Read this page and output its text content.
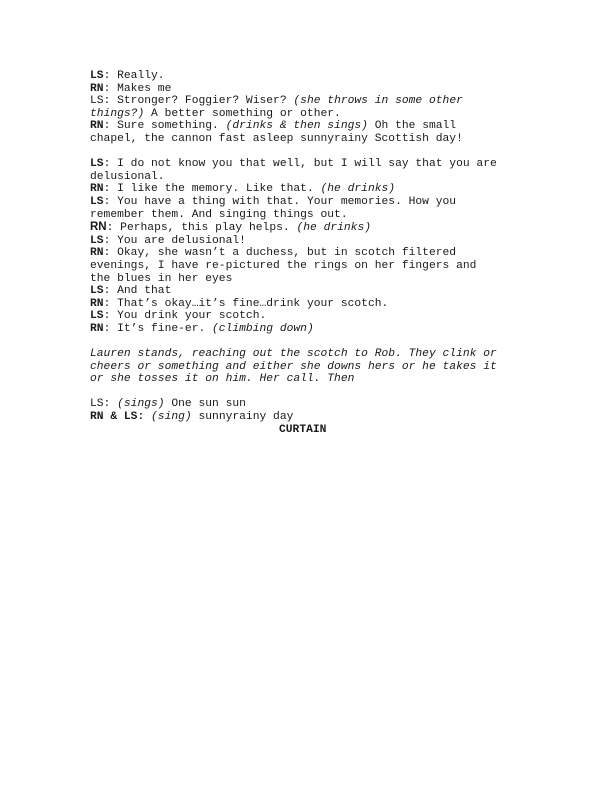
LS: Really.

RN: Makes me

LS: Stronger? Foggier? Wiser? (she throws in some other

things?) A better something or other.

RN: Sure something. (drinks & then sings) Oh the small

chapel, the cannon fast asleep sunnyrainy Scottish day!

LS: I do not know you that well, but I will say that you are

delusional.

RN: I like the memory. Like that. (he drinks)

LS: You have a thing with that. Your memories. How you

remember them. And singing things out.

RN: Perhaps, this play helps. (he drinks)

LS: You are delusional!

RN: Okay, she wasn’t a duchess, but in scotch filtered

evenings, I have re-pictured the rings on her fingers and

the blues in her eyes

LS: And that

RN: That’s okay…it’s fine…drink your scotch.

LS: You drink your scotch.

RN: It’s fine-er. (climbing down)

Lauren stands, reaching out the scotch to Rob. They clink or

cheers or something and either she downs hers or he takes it

or she tosses it on him. Her call. Then

LS: (sings) One sun sun

RN & LS: (sing) sunnyrainy day

CURTAIN
